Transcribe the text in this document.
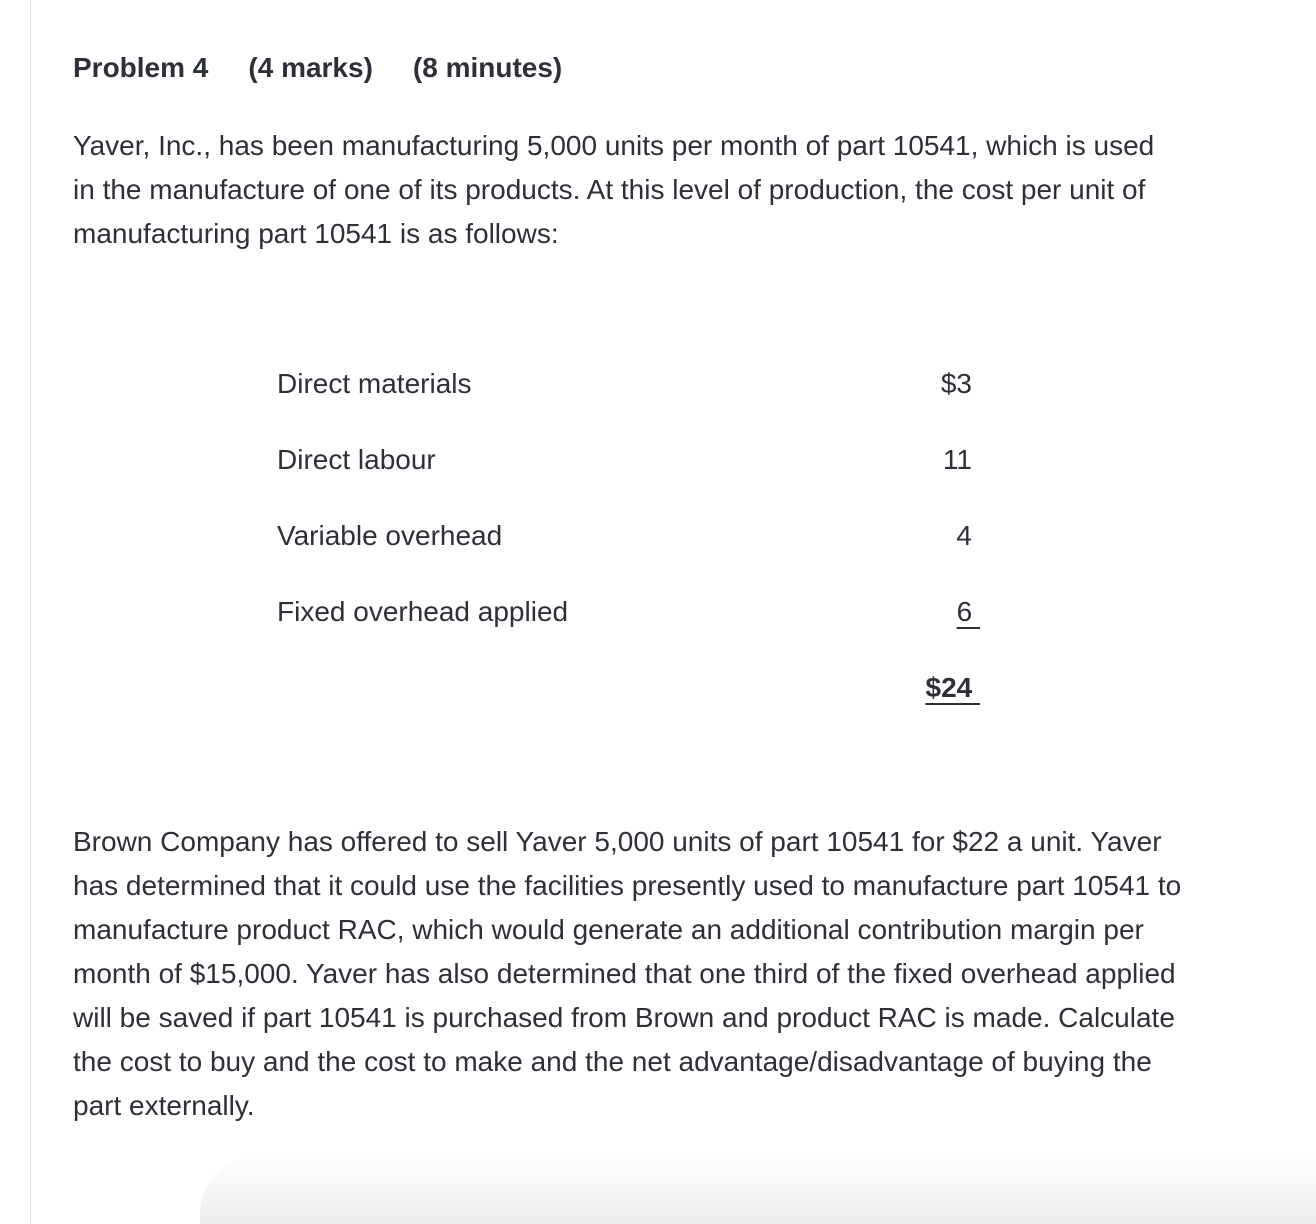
Problem 4 (4 marks) (8 minutes)
Yaver, Inc., has been manufacturing 5,000 units per month of part 10541, which is used in the manufacture of one of its products. At this level of production, the cost per unit of manufacturing part 10541 is as follows:
Direct materials	$3
Direct labour	11
Variable overhead	4
Fixed overhead applied	6
$24
Brown Company has offered to sell Yaver 5,000 units of part 10541 for $22 a unit. Yaver has determined that it could use the facilities presently used to manufacture part 10541 to manufacture product RAC, which would generate an additional contribution margin per month of $15,000. Yaver has also determined that one third of the fixed overhead applied will be saved if part 10541 is purchased from Brown and product RAC is made. Calculate the cost to buy and the cost to make and the net advantage/disadvantage of buying the part externally.
